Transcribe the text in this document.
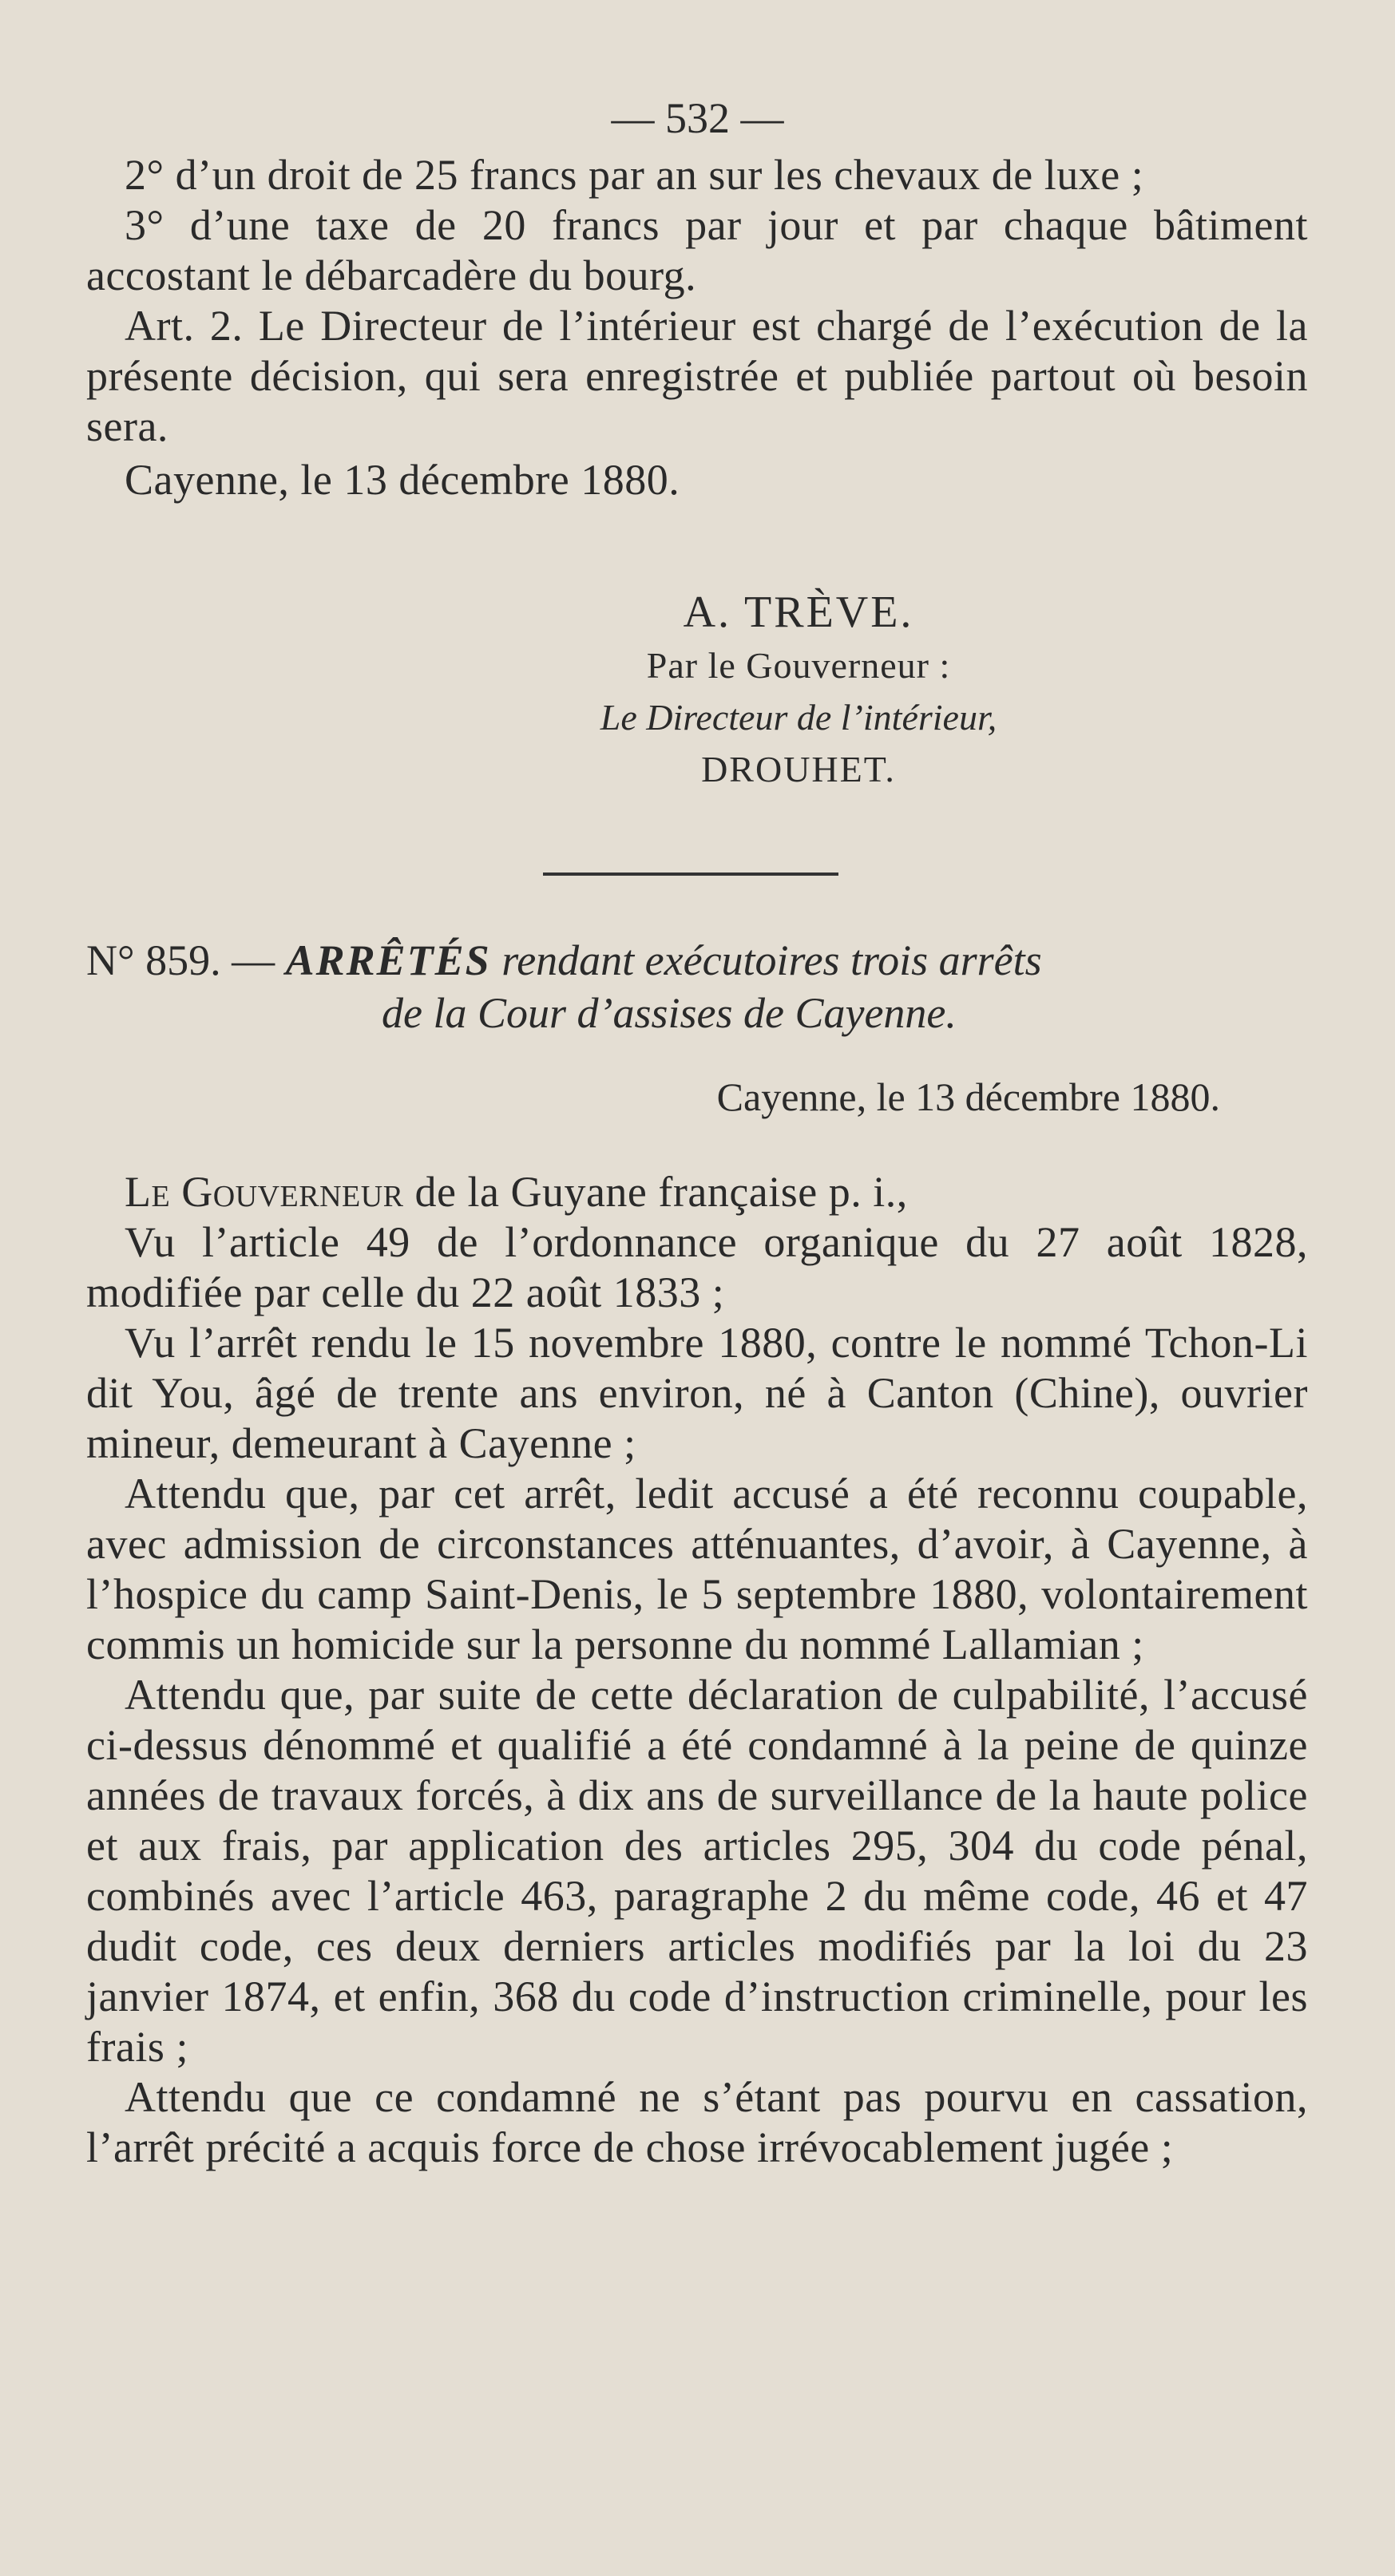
— 532 —

2° d’un droit de 25 francs par an sur les chevaux de luxe ;

3° d’une taxe de 20 francs par jour et par chaque bâtiment accostant le débarcadère du bourg.

Art. 2. Le Directeur de l’intérieur est chargé de l’exécution de la présente décision, qui sera enregistrée et publiée partout où besoin sera.

Cayenne, le 13 décembre 1880.

A. TRÈVE.
Par le Gouverneur :
Le Directeur de l’intérieur,
DROUHET.
N° 859. — ARRÊTÉS rendant exécutoires trois arrêts
de la Cour d’assises de Cayenne.
Cayenne, le 13 décembre 1880.

Le Gouverneur de la Guyane française p. i.,

Vu l’article 49 de l’ordonnance organique du 27 août 1828, modifiée par celle du 22 août 1833 ;

Vu l’arrêt rendu le 15 novembre 1880, contre le nommé Tchon-Li dit You, âgé de trente ans environ, né à Canton (Chine), ouvrier mineur, demeurant à Cayenne ;

Attendu que, par cet arrêt, ledit accusé a été reconnu coupable, avec admission de circonstances atténuantes, d’avoir, à Cayenne, à l’hospice du camp Saint-Denis, le 5 septembre 1880, volontairement commis un homicide sur la personne du nommé Lallamian ;

Attendu que, par suite de cette déclaration de culpabilité, l’accusé ci-dessus dénommé et qualifié a été condamné à la peine de quinze années de travaux forcés, à dix ans de surveillance de la haute police et aux frais, par application des articles 295, 304 du code pénal, combinés avec l’article 463, paragraphe 2 du même code, 46 et 47 dudit code, ces deux derniers articles modifiés par la loi du 23 janvier 1874, et enfin, 368 du code d’instruction criminelle, pour les frais ;

Attendu que ce condamné ne s’étant pas pourvu en cassation, l’arrêt précité a acquis force de chose irrévocablement jugée ;
